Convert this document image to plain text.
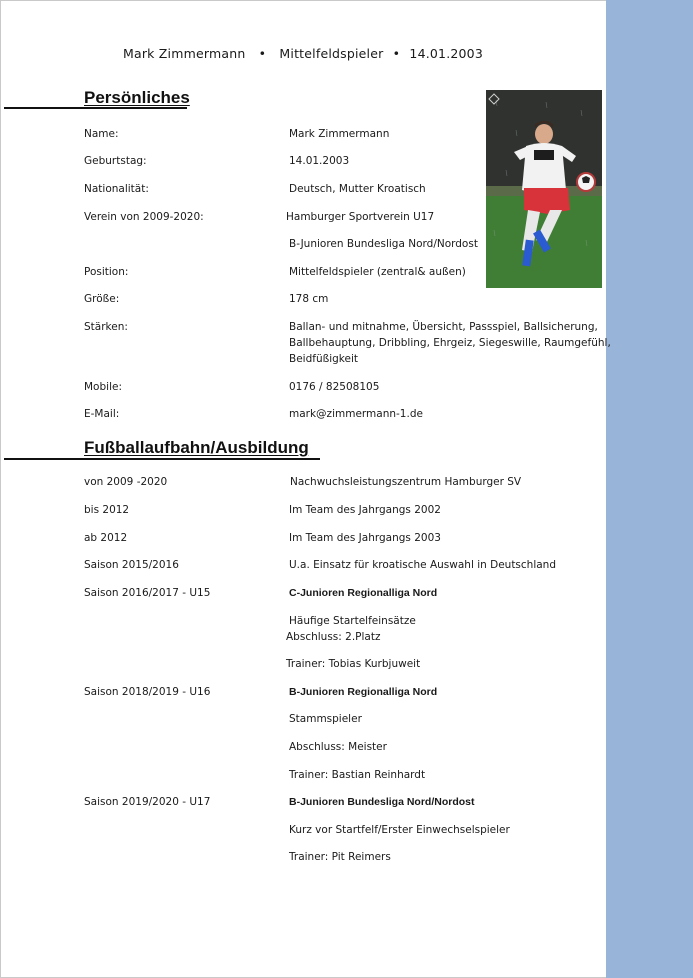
Mark Zimmermann • Mittelfeldspieler • 14.01.2003
Persönliches
Name:	Mark Zimmermann
Geburtstag:	14.01.2003
Nationalität:	Deutsch, Mutter Kroatisch
Verein von 2009-2020:	Hamburger Sportverein U17
B-Junioren Bundesliga Nord/Nordost
Position:	Mittelfeldspieler (zentral& außen)
Größe:	178 cm
Stärken:	Ballan- und mitnahme, Übersicht, Passspiel, Ballsicherung,
Ballbehauptung, Dribbling, Ehrgeiz, Siegeswille, Raumgefühl,
Beidfüßigkeit
Mobile:	0176 / 82508105
E-Mail:	mark@zimmermann-1.de
Fußballaufbahn/Ausbildung
von 2009 -2020	Nachwuchsleistungszentrum Hamburger SV
bis 2012	Im Team des Jahrgangs 2002
ab 2012	Im Team des Jahrgangs 2003
Saison 2015/2016	U.a. Einsatz für kroatische Auswahl in Deutschland
Saison 2016/2017 - U15	C-Junioren Regionalliga Nord
Häufige Startelfeinsätze
Abschluss: 2.Platz
Trainer: Tobias Kurbjuweit
Saison 2018/2019 - U16	B-Junioren Regionalliga Nord
Stammspieler
Abschluss: Meister
Trainer: Bastian Reinhardt
Saison 2019/2020 - U17	B-Junioren Bundesliga Nord/Nordost
Kurz vor Startfelf/Erster Einwechselspieler
Trainer: Pit Reimers
